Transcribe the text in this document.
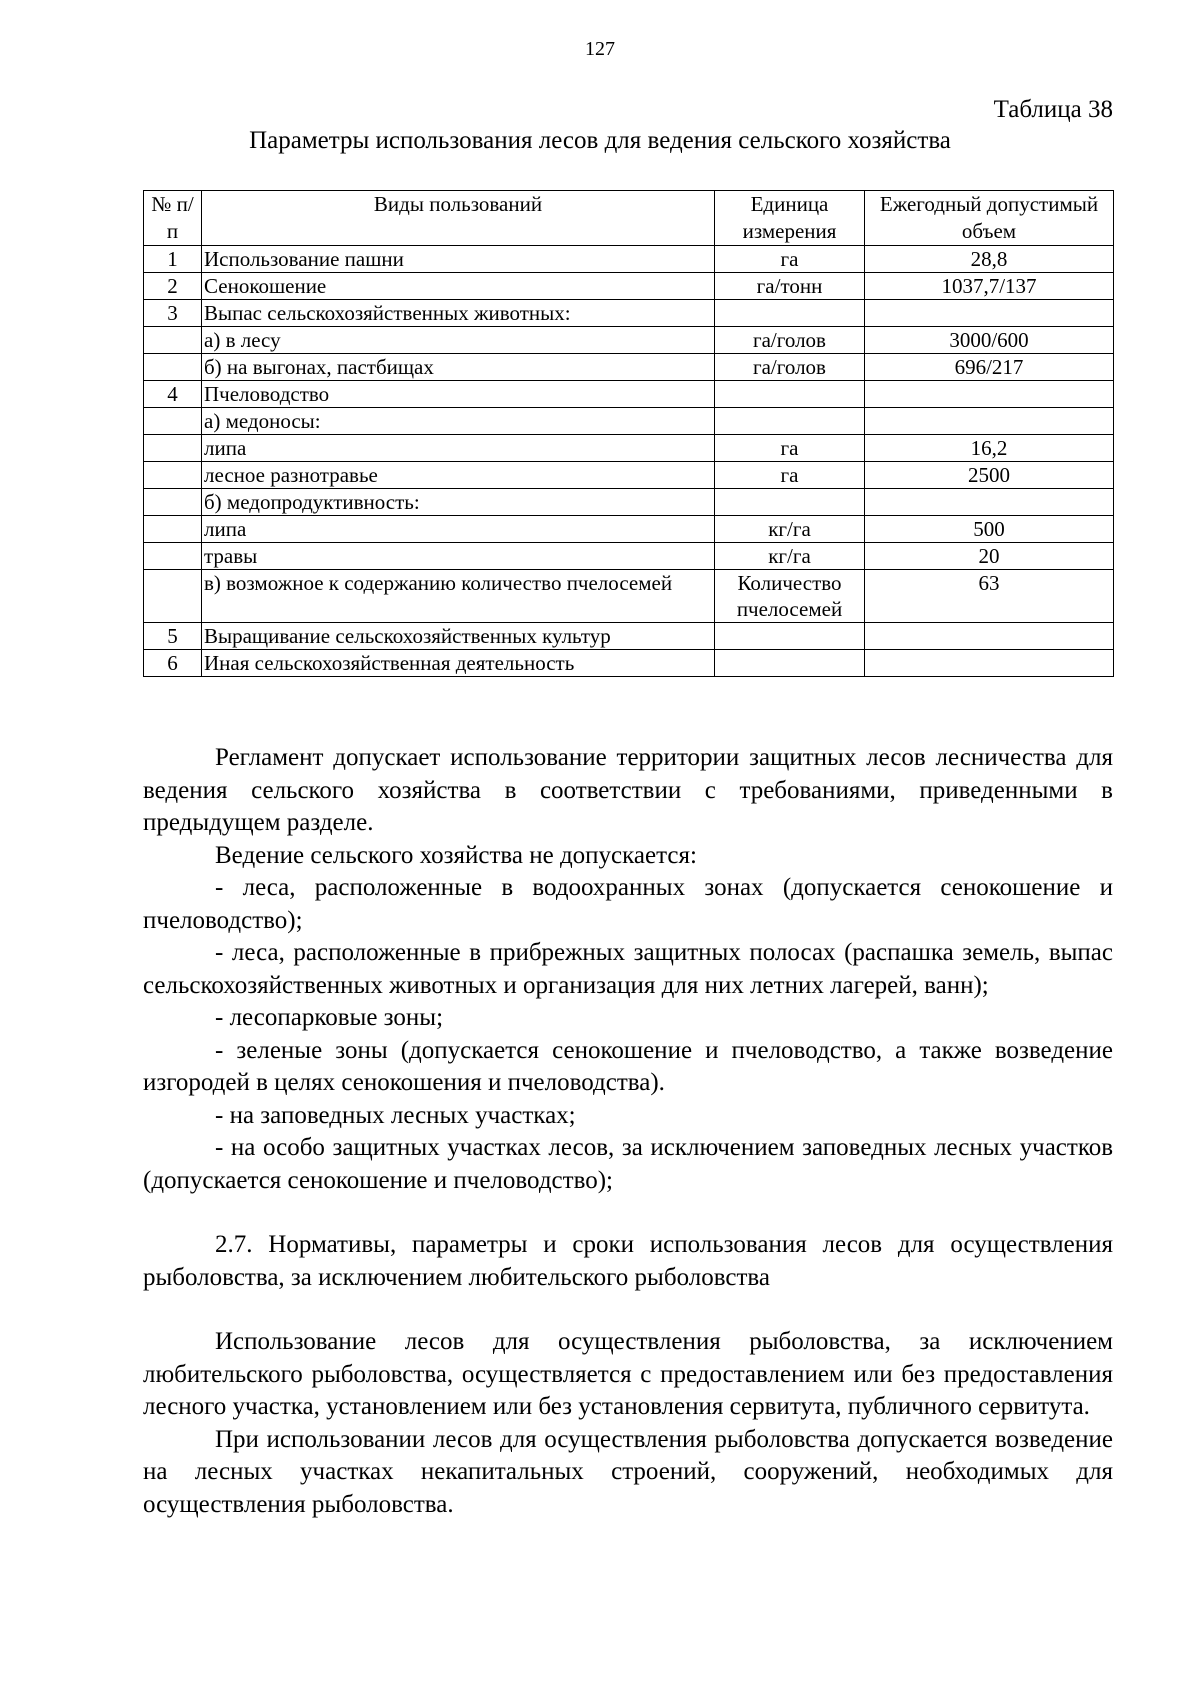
127
Таблица 38
Параметры использования лесов для ведения сельского хозяйства
№ п/п	Виды пользований	Единица измерения	Ежегодный допустимый объем
1	Использование пашни	га	28,8
2	Сенокошение	га/тонн	1037,7/137
3	Выпас сельскохозяйственных животных:		
	а) в лесу	га/голов	3000/600
	б) на выгонах, пастбищах	га/голов	696/217
4	Пчеловодство		
	а) медоносы:		
	липа	га	16,2
	лесное разнотравье	га	2500
	б) медопродуктивность:		
	липа	кг/га	500
	травы	кг/га	20
	в) возможное к содержанию количество пчелосемей	Количество пчелосемей	63
5	Выращивание сельскохозяйственных культур		
6	Иная сельскохозяйственная деятельность		

Регламент допускает использование территории защитных лесов лесничества для ведения сельского хозяйства в соответствии с требованиями, приведенными в предыдущем разделе.

Ведение сельского хозяйства не допускается:

- леса, расположенные в водоохранных зонах (допускается сенокошение и пчеловодство);

- леса, расположенные в прибрежных защитных полосах (распашка земель, выпас сельскохозяйственных животных и организация для них летних лагерей, ванн);

- лесопарковые зоны;

- зеленые зоны (допускается сенокошение и пчеловодство, а также возведение изгородей в целях сенокошения и пчеловодства).

- на заповедных лесных участках;

- на особо защитных участках лесов, за исключением заповедных лесных участков (допускается сенокошение и пчеловодство);

2.7. Нормативы, параметры и сроки использования лесов для осуществления рыболовства, за исключением любительского рыболовства

Использование лесов для осуществления рыболовства, за исключением любительского рыболовства, осуществляется с предоставлением или без предоставления лесного участка, установлением или без установления сервитута, публичного сервитута.

При использовании лесов для осуществления рыболовства допускается возведение на лесных участках некапитальных строений, сооружений, необходимых для осуществления рыболовства.
